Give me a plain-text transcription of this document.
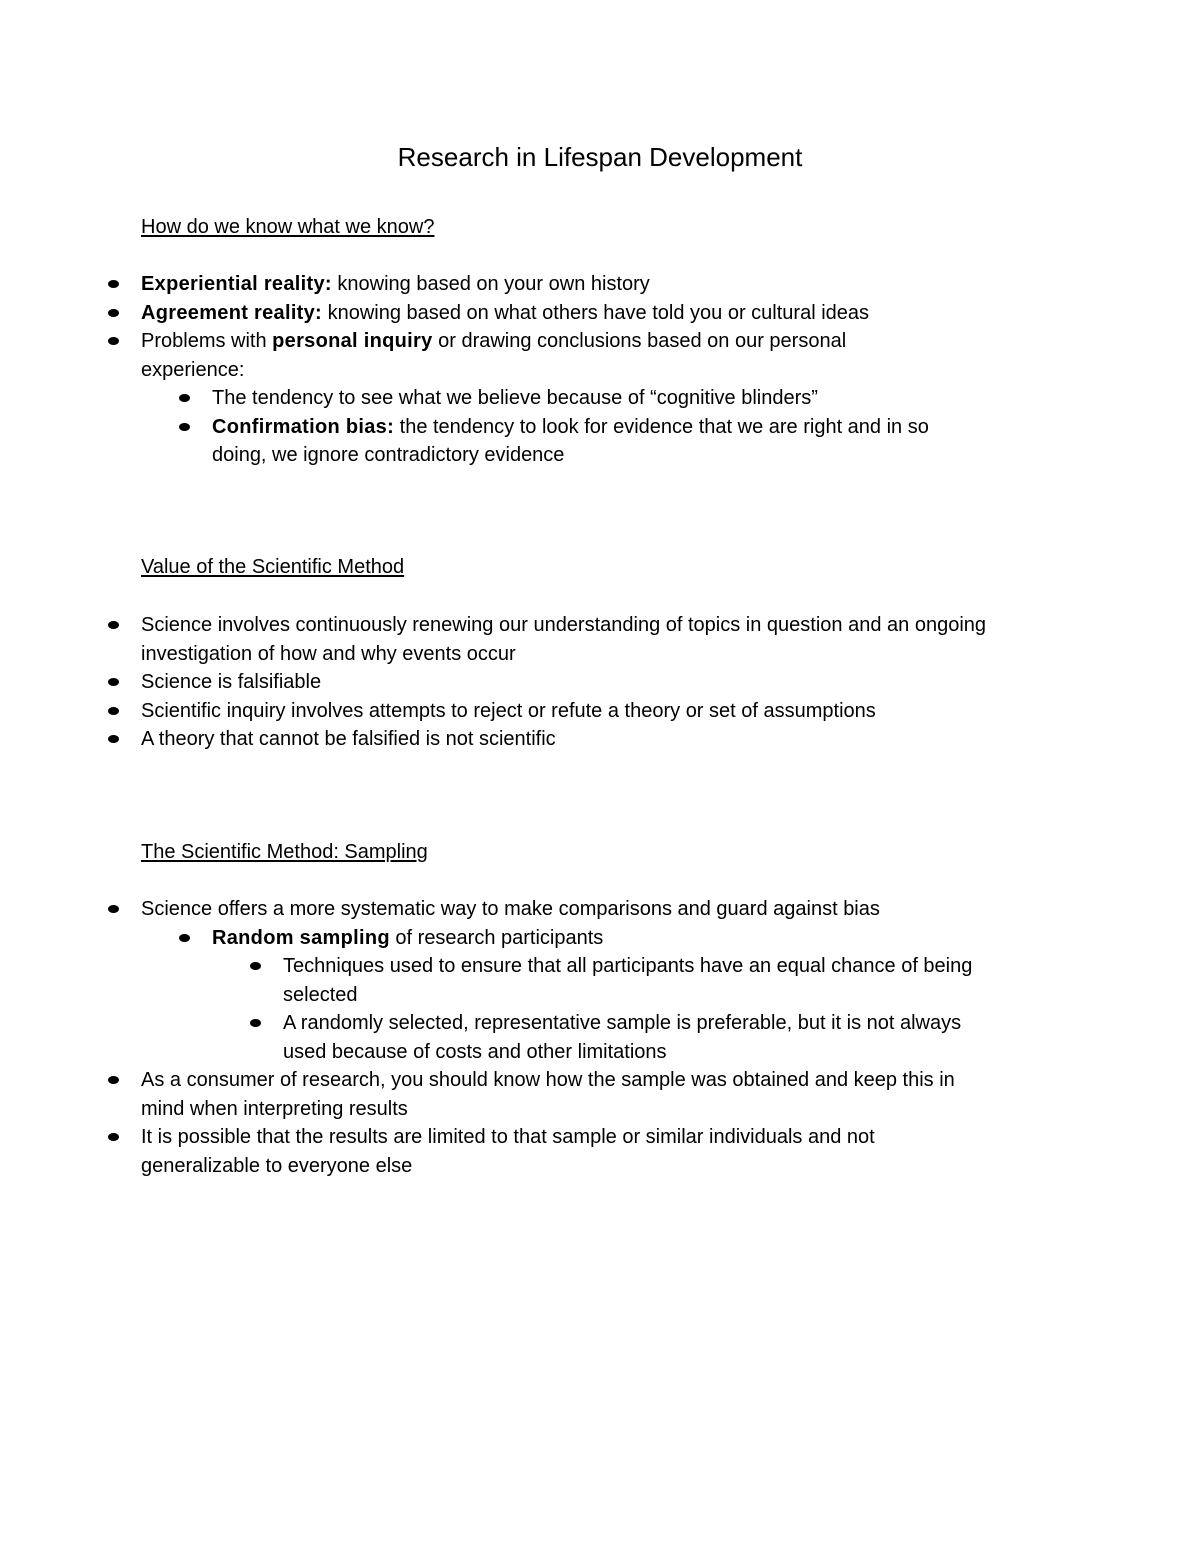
Research in Lifespan Development
How do we know what we know?
Experiential reality: knowing based on your own history
Agreement reality: knowing based on what others have told you or cultural ideas
Problems with personal inquiry or drawing conclusions based on our personal experience:
The tendency to see what we believe because of “cognitive blinders”
Confirmation bias: the tendency to look for evidence that we are right and in so doing, we ignore contradictory evidence
Value of the Scientific Method
Science involves continuously renewing our understanding of topics in question and an ongoing investigation of how and why events occur
Science is falsifiable
Scientific inquiry involves attempts to reject or refute a theory or set of assumptions
A theory that cannot be falsified is not scientific
The Scientific Method: Sampling
Science offers a more systematic way to make comparisons and guard against bias
Random sampling of research participants
Techniques used to ensure that all participants have an equal chance of being selected
A randomly selected, representative sample is preferable, but it is not always used because of costs and other limitations
As a consumer of research, you should know how the sample was obtained and keep this in mind when interpreting results
It is possible that the results are limited to that sample or similar individuals and not generalizable to everyone else
